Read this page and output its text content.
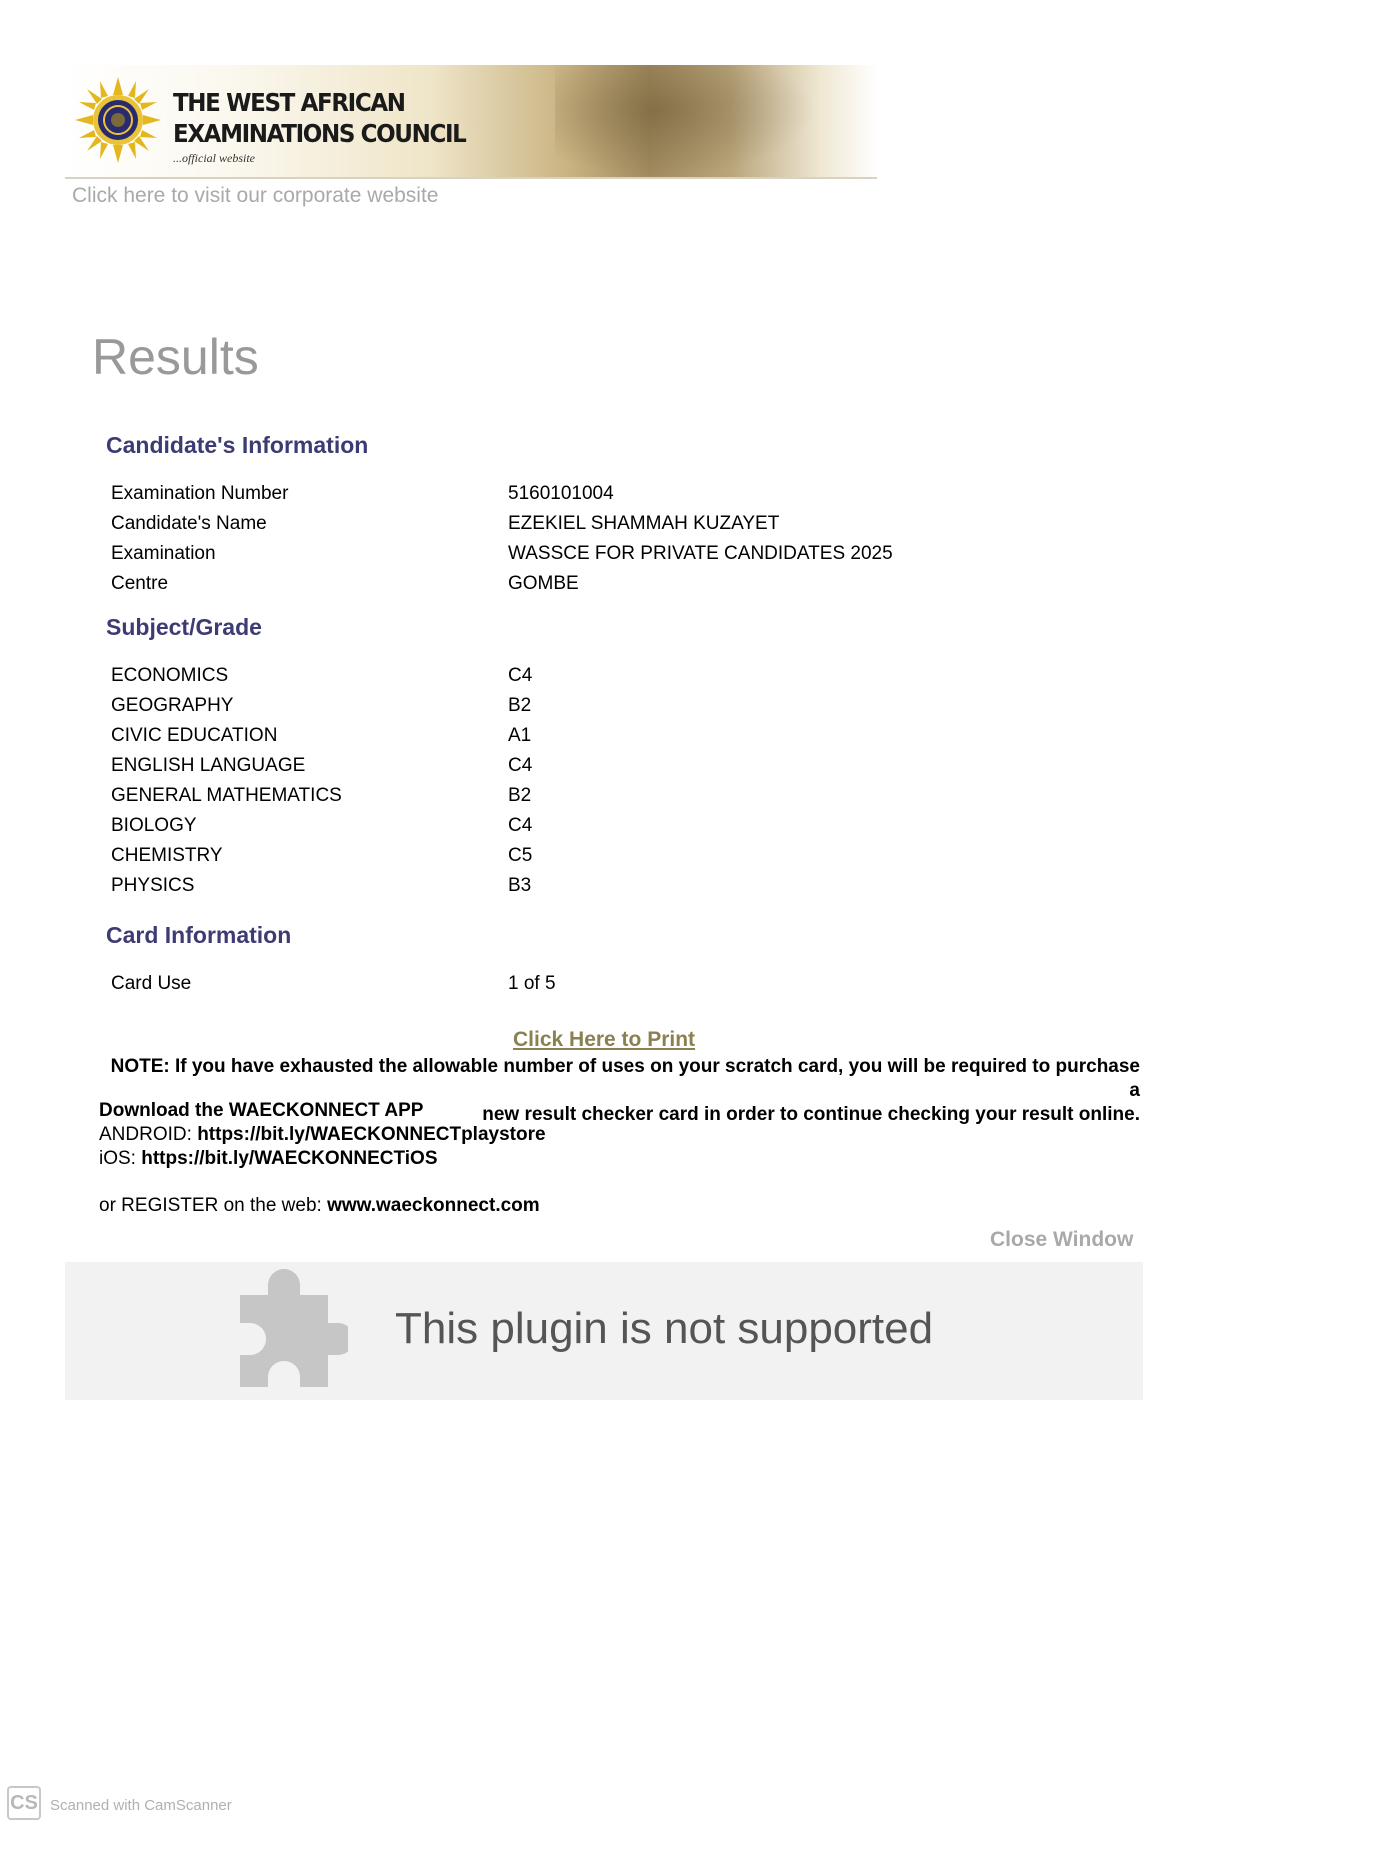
THE WEST AFRICAN
EXAMINATIONS COUNCIL
...official website
Click here to visit our corporate website
Results
Candidate's Information
Examination Number	5160101004
Candidate's Name	EZEKIEL SHAMMAH KUZAYET
Examination	WASSCE FOR PRIVATE CANDIDATES 2025
Centre	GOMBE
Subject/Grade
ECONOMICS	C4
GEOGRAPHY	B2
CIVIC EDUCATION	A1
ENGLISH LANGUAGE	C4
GENERAL MATHEMATICS	B2
BIOLOGY	C4
CHEMISTRY	C5
PHYSICS	B3
Card Information
Card Use	1 of 5
Click Here to Print
NOTE: If you have exhausted the allowable number of uses on your scratch card, you will be required to purchase a
new result checker card in order to continue checking your result online.
Download the WAECKONNECT APP
ANDROID: https://bit.ly/WAECKONNECTplaystore
iOS: https://bit.ly/WAECKONNECTiOS
or REGISTER on the web: www.waeckonnect.com
Close Window
This plugin is not supported
CS Scanned with CamScanner
